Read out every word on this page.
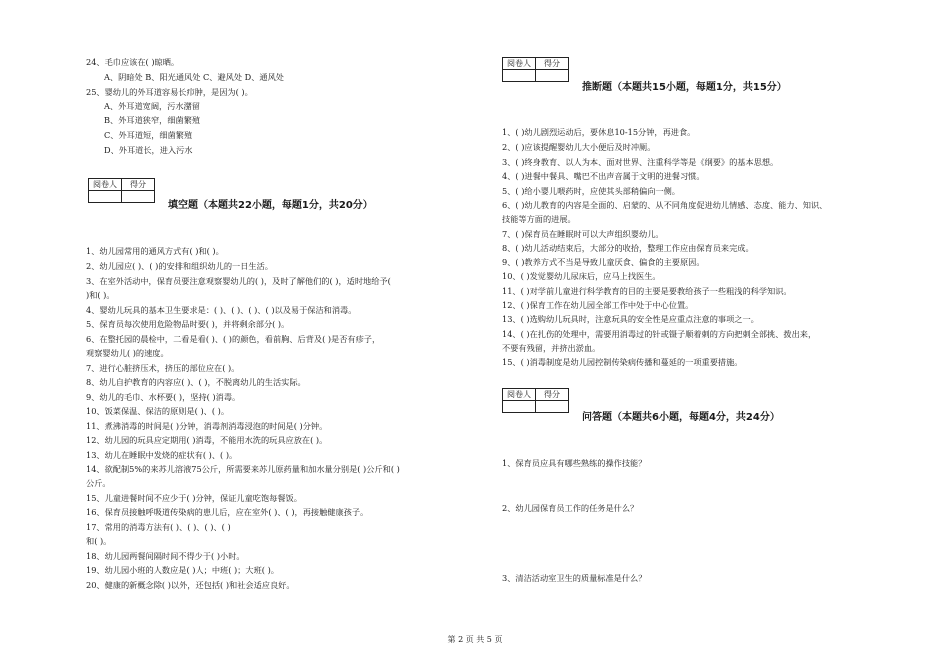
24、毛巾应该在( )晾晒。
A、阴暗处 B、阳光通风处 C、避风处 D、通风处
25、婴幼儿的外耳道容易长疖肿，是因为( )。
A、外耳道宽阔，污水潴留
B、外耳道狭窄，细菌繁殖
C、外耳道短，细菌繁殖
D、外耳道长，进入污水
阅卷人	得分

填空题（本题共22小题，每题1分，共20分）
1、幼儿园常用的通风方式有( )和( )。
2、幼儿园应( )、( )的安排和组织幼儿的一日生活。
3、在室外活动中，保育员要注意观察婴幼儿的( )，及时了解他们的( )，适时地给予(
)和( )。
4、婴幼儿玩具的基本卫生要求是：( )、( )、( )、( )以及易于保洁和消毒。
5、保育员每次使用危险物品时要( )，并将剩余部分( )。
6、在整托园的晨检中，二看是看( )、( )的颜色，看前胸、后背及( )是否有疹子，
观察婴幼儿( )的速度。
7、进行心脏挤压术，挤压的部位应在( )。
8、幼儿自护教育的内容应( )、( )，不脱离幼儿的生活实际。
9、幼儿的毛巾、水杯要( )，坚持( )消毒。
10、饭菜保温、保洁的原则是( )、( )。
11、煮沸消毒的时间是( )分钟，消毒剂消毒浸泡的时间是( )分钟。
12、幼儿园的玩具应定期用( )消毒，不能用水洗的玩具应放在( )。
13、幼儿在睡眠中发烧的症状有( )、( )。
14、欲配制5%的来苏儿溶液75公斤，所需要来苏儿原药量和加水量分别是( )公斤和( )
公斤。
15、儿童进餐时间不应少于( )分钟，保证儿童吃饱每餐饭。
16、保育员接触呼吸道传染病的患儿后，应在室外( )、( )，再接触健康孩子。
17、常用的消毒方法有( )、( )、( )、( )
和( )。
18、幼儿园两餐间隔时间不得少于( )小时。
19、幼儿园小班的人数应是( )人；中班( )；大班( )。
20、健康的新概念除( )以外，还包括( )和社会适应良好。
阅卷人	得分

推断题（本题共15小题，每题1分，共15分）
1、( )幼儿剧烈运动后，要休息10-15分钟，再进食。
2、( )应该提醒婴幼儿大小便后及时冲厕。
3、( )终身教育、以人为本、面对世界、注重科学等是《纲要》的基本思想。
4、( )进餐中餐具、嘴巴不出声音属于文明的进餐习惯。
5、( )给小婴儿喂药时，应使其头部稍偏向一侧。
6、( )幼儿教育的内容是全面的、启蒙的、从不同角度促进幼儿情感、态度、能力、知识、
技能等方面的进展。
7、( )保育员在睡眠时可以大声组织婴幼儿。
8、( )幼儿活动结束后，大部分的收拾，整理工作应由保育员来完成。
9、( )教养方式不当是导致儿童厌食、偏食的主要原因。
10、( )发觉婴幼儿尿床后，应马上找医生。
11、( )对学前儿童进行科学教育的目的主要是要教给孩子一些粗浅的科学知识。
12、( )保育工作在幼儿园全部工作中处于中心位置。
13、( )选购幼儿玩具时，注意玩具的安全性是应重点注意的事项之一。
14、( )在扎伤的处理中，需要用消毒过的针或镊子顺着刺的方向把刺全部挑、拨出来，
不要有残留，并挤出淤血。
15、( )消毒制度是幼儿园控制传染病传播和蔓延的一项重要措施。
阅卷人	得分

问答题（本题共6小题，每题4分，共24分）
1、保育员应具有哪些熟练的操作技能？
2、幼儿园保育员工作的任务是什么？
3、清洁活动室卫生的质量标准是什么？
第 2 页 共 5 页
